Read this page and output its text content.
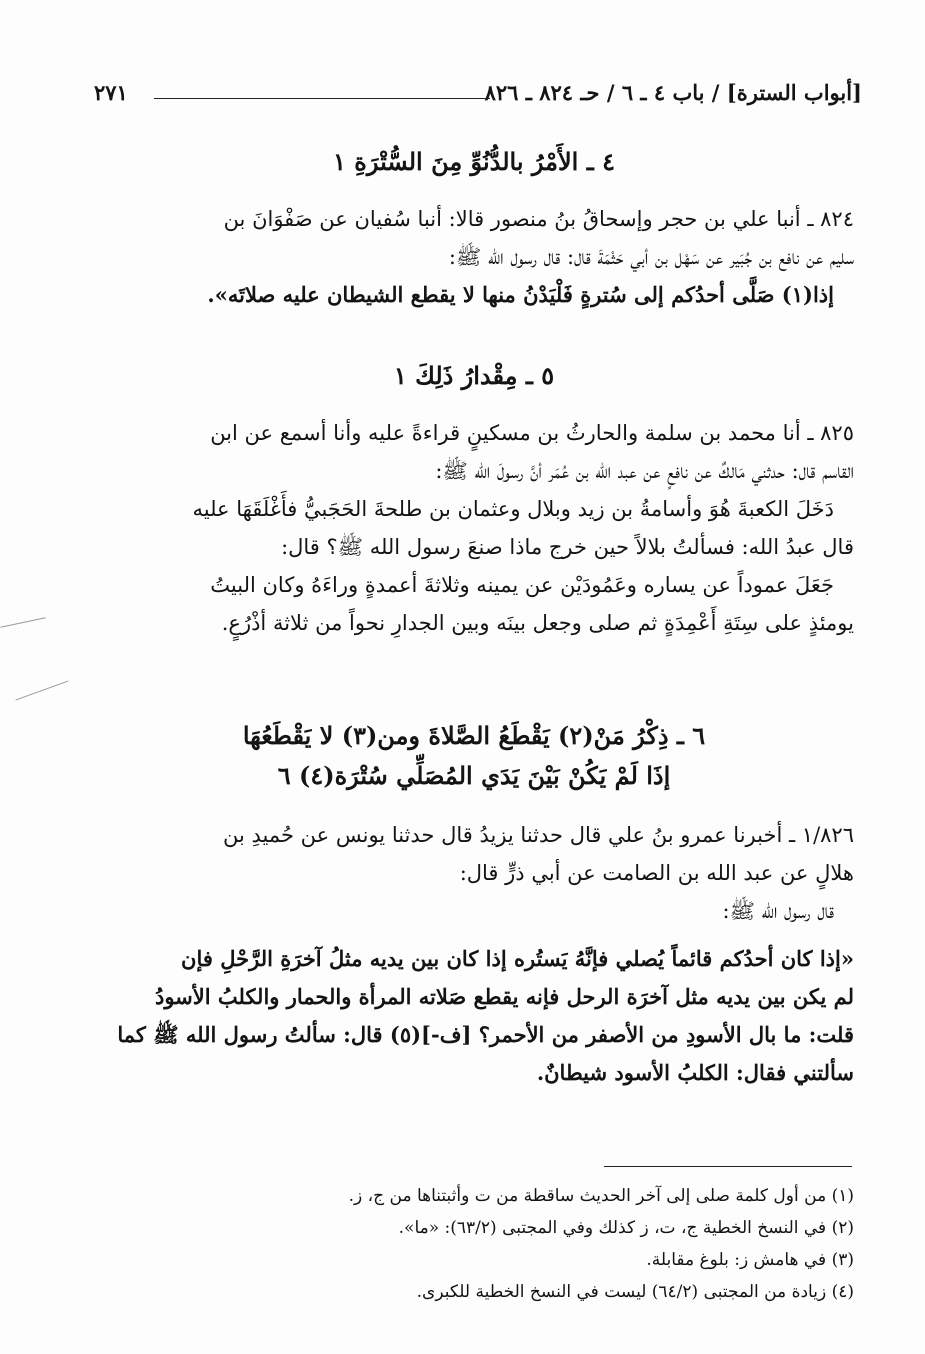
[أبواب السترة] / باب ٤ ـ ٦ / حـ ٨٢٤ ـ ٨٢٦
٢٧١
٤ ـ الأَمْرُ بالدُّنُوِّ مِنَ السُّتْرَةِ ١
٨٢٤ ـ أنبا علي بن حجر وإسحاقُ بنُ منصور قالا: أنبا سُفيان عن صَفْوَانَ بن
سليم عن نافع بن جُبَير عن سَهْل بن أبي حَثْمَةَ قال: قال رسول الله ﷺ:
إذا(١) صَلَّى أحدُكم إلى سُترةٍ فَلْيَدْنُ منها لا يقطع الشيطان عليه صلاتَه».
٥ ـ مِقْدارُ ذَلِكَ ١
٨٢٥ ـ أنا محمد بن سلمة والحارثُ بن مسكينٍ قراءةً عليه وأنا أسمع عن ابن
القاسم قال: حدثني مَالكٌ عن نافعٍ عن عبد الله بن عُمَر أنَّ رسولَ الله ﷺ:
دَخَلَ الكعبةَ هُوَ وأسامةُ بن زيد وبلال وعثمان بن طلحةَ الحَجَبيُّ فأَغْلَقَهَا عليه
قال عبدُ الله: فسألتُ بلالاً حين خرج ماذا صنعَ رسول الله ﷺ؟ قال:
جَعَلَ عموداً عن يساره وعَمُودَيْن عن يمينه وثلاثةَ أعمدةٍ وراءَهُ وكان البيتُ
يومئذٍ على سِتَةِ أَعْمِدَةٍ ثم صلى وجعل بينَه وبين الجدارِ نحواً من ثلاثة أذْرُعٍ.
٦ ـ ذِكْرُ مَنْ(٢) يَقْطَعُ الصَّلاةَ ومن(٣) لا يَقْطَعُهَا
إذَا لَمْ يَكُنْ بَيْنَ يَدَي المُصَلِّي سُتْرَة(٤) ٦
١/٨٢٦ ـ أخبرنا عمرو بنُ علي قال حدثنا يزيدُ قال حدثنا يونس عن حُميدِ بن
هلالٍ عن عبد الله بن الصامت عن أبي ذرٍّ قال:
قال رسول الله ﷺ:
«إذا كان أحدُكم قائماً يُصلي فإنَّهُ يَستُره إذا كان بين يديه مثلُ آخرَةِ الرَّحْلِ فإن
لم يكن بين يديه مثل آخرَة الرحل فإنه يقطع صَلاته المرأة والحمار والكلبُ الأسودُ
قلت: ما بال الأسودِ من الأصفر من الأحمر؟ [ف-](٥) قال: سألتُ رسول الله ﷺ كما
سألتني فقال: الكلبُ الأسود شيطانٌ.
(١) من أول كلمة صلى إلى آخر الحديث ساقطة من ت وأثبتناها من ج، ز.
(٢) في النسخ الخطية ج، ت، ز كذلك وفي المجتبى (٦٣/٢): «ما».
(٣) في هامش ز: بلوغ مقابلة.
(٤) زيادة من المجتبى (٦٤/٢) ليست في النسخ الخطية للكبرى.
